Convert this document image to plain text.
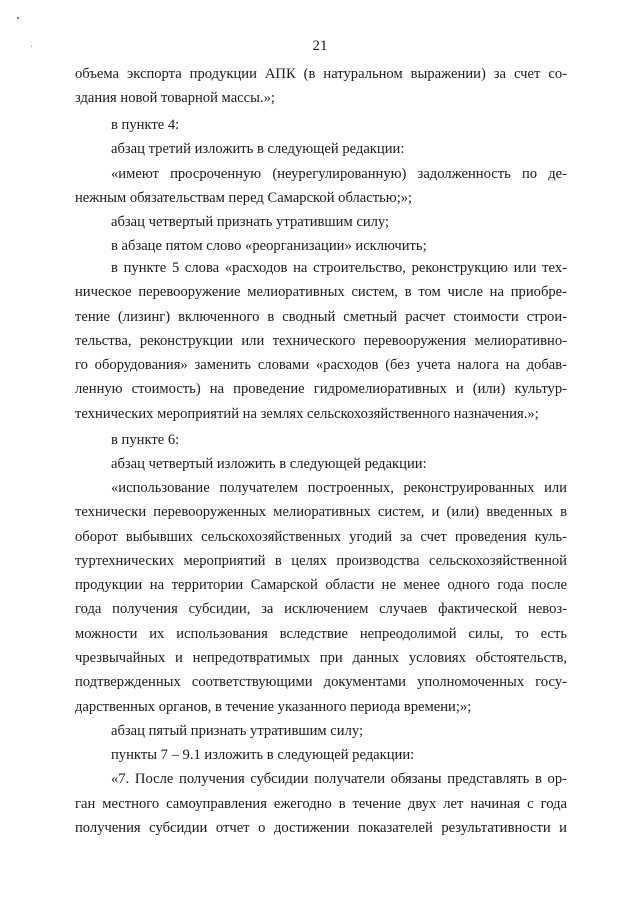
21
объема экспорта продукции АПК (в натуральном выражении) за счет со-
здания новой товарной массы.»;
в пункте 4:
абзац третий изложить в следующей редакции:
«имеют просроченную (неурегулированную) задолженность по де-
нежным обязательствам перед Самарской областью;»;
абзац четвертый признать утратившим силу;
в абзаце пятом слово «реорганизации» исключить;
в пункте 5 слова «расходов на строительство, реконструкцию или тех-
ническое перевооружение мелиоративных систем, в том числе на приобре-
тение (лизинг) включенного в сводный сметный расчет стоимости строи-
тельства, реконструкции или технического перевооружения мелиоративно-
го оборудования» заменить словами «расходов (без учета налога на добав-
ленную стоимость) на проведение гидромелиоративных и (или) культур-
технических мероприятий на землях сельскохозяйственного назначения.»;
в пункте 6:
абзац четвертый изложить в следующей редакции:
«использование получателем построенных, реконструированных или
технически перевооруженных мелиоративных систем, и (или) введенных в
оборот выбывших сельскохозяйственных угодий за счет проведения куль-
туртехнических мероприятий в целях производства сельскохозяйственной
продукции на территории Самарской области не менее одного года после
года получения субсидии, за исключением случаев фактической невоз-
можности их использования вследствие непреодолимой силы, то есть
чрезвычайных и непредотвратимых при данных условиях обстоятельств,
подтвержденных соответствующими документами уполномоченных госу-
дарственных органов, в течение указанного периода времени;»;
абзац пятый признать утратившим силу;
пункты 7 – 9.1 изложить в следующей редакции:
«7. После получения субсидии получатели обязаны представлять в ор-
ган местного самоуправления ежегодно в течение двух лет начиная с года
получения субсидии отчет о достижении показателей результативности и
